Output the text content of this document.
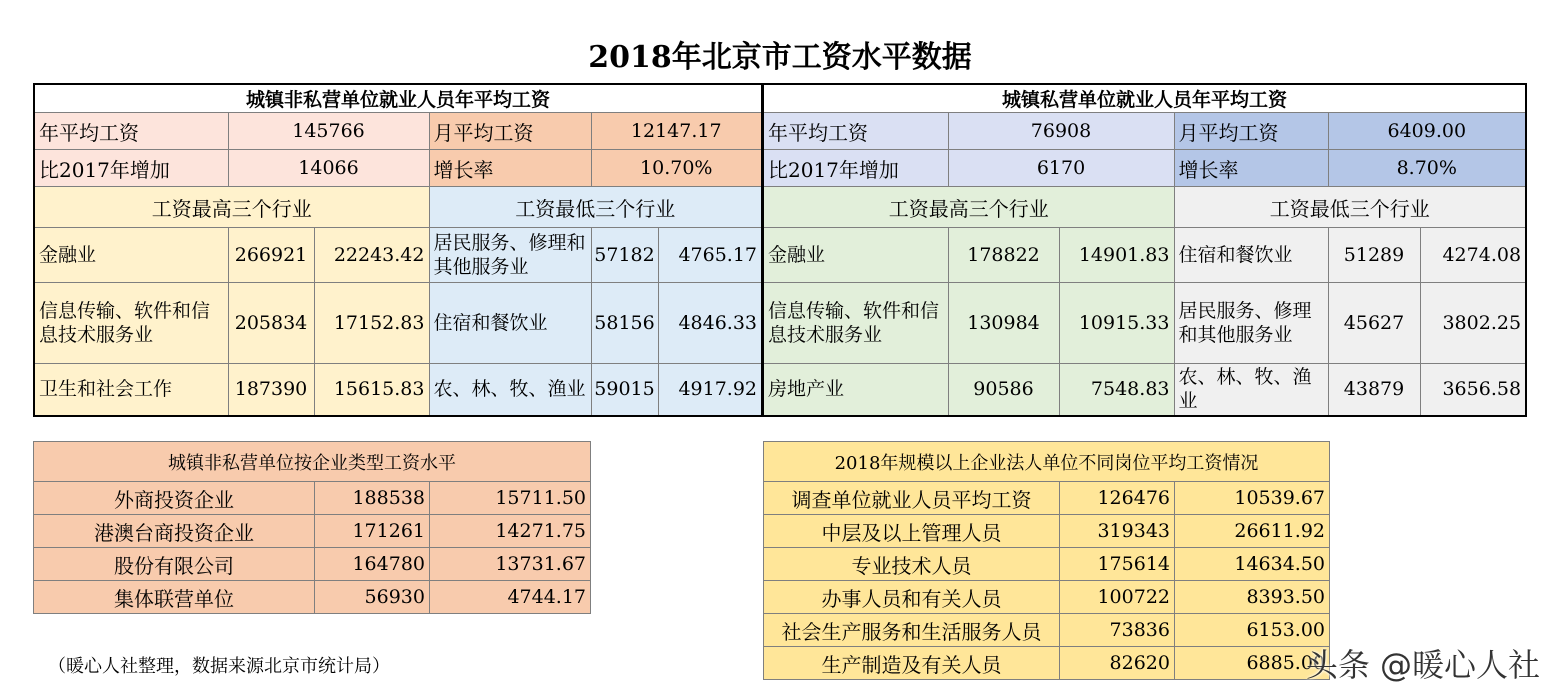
2018年北京市工资水平数据
城镇非私营单位就业人员年平均工资					
年平均工资	145766		月平均工资	12147.17	
比2017年增加	14066		增长率	10.70%	
工资最高三个行业			工资最低三个行业		
金融业	266921	22243.42	居民服务、修理和其他服务业	57182	4765.17
信息传输、软件和信息技术服务业	205834	17152.83	住宿和餐饮业	58156	4846.33
卫生和社会工作	187390	15615.83	农、林、牧、渔业	59015	4917.92
城镇私营单位就业人员年平均工资					
年平均工资	76908		月平均工资	6409.00	
比2017年增加	6170		增长率	8.70%	
工资最高三个行业			工资最低三个行业		
金融业	178822	14901.83	住宿和餐饮业	51289	4274.08
信息传输、软件和信息技术服务业	130984	10915.33	居民服务、修理和其他服务业	45627	3802.25
房地产业	90586	7548.83	农、林、牧、渔业	43879	3656.58
城镇非私营单位按企业类型工资水平		
外商投资企业	188538	15711.50
港澳台商投资企业	171261	14271.75
股份有限公司	164780	13731.67
集体联营单位	56930	4744.17
2018年规模以上企业法人单位不同岗位平均工资情况		
调查单位就业人员平均工资	126476	10539.67
中层及以上管理人员	319343	26611.92
专业技术人员	175614	14634.50
办事人员和有关人员	100722	8393.50
社会生产服务和生活服务人员	73836	6153.00
生产制造及有关人员	82620	6885.00
（暖心人社整理，数据来源北京市统计局）	头条 @暖心人社
